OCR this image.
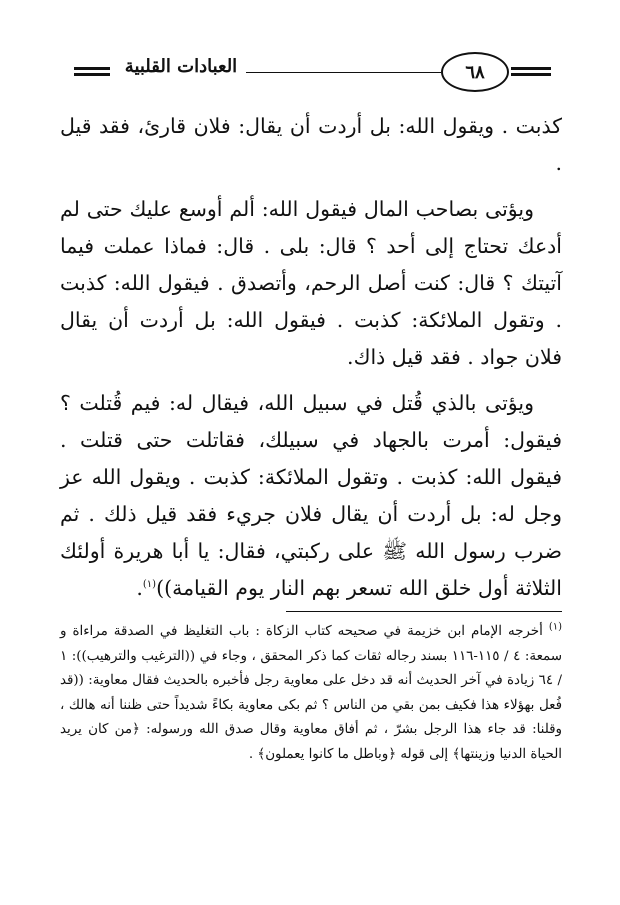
العبادات القلبية	٦٨

كذبت . ويقول الله: بل أردت أن يقال: فلان قارئ، فقد قيل .

ويؤتى بصاحب المال فيقول الله: ألم أوسع عليك حتى لم أدعك تحتاج إلى أحد ؟ قال: بلى . قال: فماذا عملت فيما آتيتك ؟ قال: كنت أصل الرحم، وأتصدق . فيقول الله: كذبت . وتقول الملائكة: كذبت . فيقول الله: بل أردت أن يقال فلان جواد . فقد قيل ذاك.

ويؤتى بالذي قُتل في سبيل الله، فيقال له: فيم قُتلت ؟ فيقول: أمرت بالجهاد في سبيلك، فقاتلت حتى قتلت . فيقول الله: كذبت . وتقول الملائكة: كذبت . ويقول الله عز وجل له: بل أردت أن يقال فلان جريء فقد قيل ذلك . ثم ضرب رسول الله ﷺ على ركبتي، فقال: يا أبا هريرة أولئك الثلاثة أول خلق الله تسعر بهم النار يوم القيامة))$^{(١)}$.

$^{(١)}$ أخرجه الإمام ابن خزيمة في صحيحه كتاب الزكاة : باب التغليظ في الصدقة مراءاة و سمعة: ٤ / ١١٥-١١٦ بسند رجاله ثقات كما ذكر المحقق ، وجاء في ((الترغيب والترهيب)): ١ / ٦٤ زيادة في آخر الحديث أنه قد دخل على معاوية رجل فأخبره بالحديث فقال معاوية: ((قد فُعل بهؤلاء هذا فكيف بمن بقي من الناس ؟ ثم بكى معاوية بكاءً شديداً حتى ظننا أنه هالك ، وقلنا: قد جاء هذا الرجل بشرّ ، ثم أفاق معاوية وقال صدق الله ورسوله: ﴿من كان يريد الحياة الدنيا وزينتها﴾ إلى قوله ﴿وباطل ما كانوا يعملون﴾ .
